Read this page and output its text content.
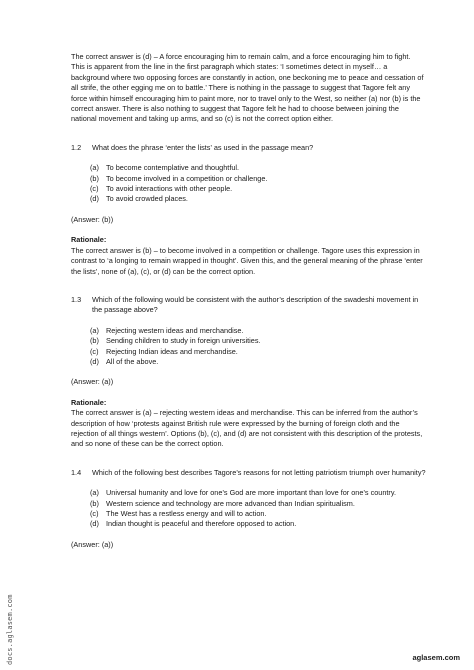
The correct answer is (d) – A force encouraging him to remain calm, and a force encouraging him to fight. This is apparent from the line in the first paragraph which states: ‘I sometimes detect in myself… a background where two opposing forces are constantly in action, one beckoning me to peace and cessation of all strife, the other egging me on to battle.’ There is nothing in the passage to suggest that Tagore felt any force within himself encouraging him to paint more, nor to travel only to the West, so neither (a) nor (b) is the correct answer. There is also nothing to suggest that Tagore felt he had to choose between joining the national movement and taking up arms, and so (c) is not the correct option either.

1.2 What does the phrase ‘enter the lists’ as used in the passage mean?
(a) To become contemplative and thoughtful.
(b) To become involved in a competition or challenge.
(c) To avoid interactions with other people.
(d) To avoid crowded places.

(Answer: (b))

Rationale:

The correct answer is (b) – to become involved in a competition or challenge. Tagore uses this expression in contrast to ‘a longing to remain wrapped in thought’. Given this, and the general meaning of the phrase ‘enter the lists’, none of (a), (c), or (d) can be the correct option.

1.3 Which of the following would be consistent with the author’s description of the swadeshi movement in the passage above?
(a) Rejecting western ideas and merchandise.
(b) Sending children to study in foreign universities.
(c) Rejecting Indian ideas and merchandise.
(d) All of the above.

(Answer: (a))

Rationale:

The correct answer is (a) – rejecting western ideas and merchandise. This can be inferred from the author’s description of how ‘protests against British rule were expressed by the burning of foreign cloth and the rejection of all things western’. Options (b), (c), and (d) are not consistent with this description of the protests, and so none of these can be the correct option.

1.4 Which of the following best describes Tagore’s reasons for not letting patriotism triumph over humanity?
(a) Universal humanity and love for one’s God are more important than love for one’s country.
(b) Western science and technology are more advanced than Indian spiritualism.
(c) The West has a restless energy and will to action.
(d) Indian thought is peaceful and therefore opposed to action.

(Answer: (a))

docs.aglasem.com	aglasem.com
